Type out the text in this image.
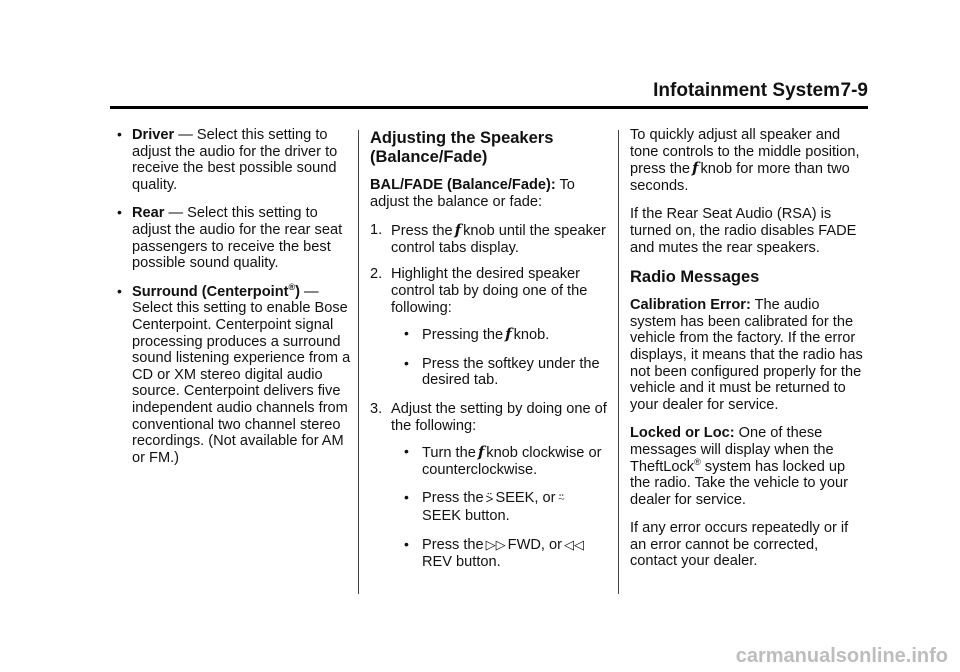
Infotainment System 7-9
• Driver — Select this setting to adjust the audio for the driver to receive the best possible sound quality.
• Rear — Select this setting to adjust the audio for the rear seat passengers to receive the best possible sound quality.
• Surround (Centerpoint®) — Select this setting to enable Bose Centerpoint. Centerpoint signal processing produces a surround sound listening experience from a CD or XM stereo digital audio source. Centerpoint delivers five independent audio channels from conventional two channel stereo recordings. (Not available for AM or FM.)
Adjusting the Speakers (Balance/Fade)

BAL/FADE (Balance/Fade): To adjust the balance or fade:

1. Press the f knob until the speaker control tabs display.
2. Highlight the desired speaker control tab by doing one of the following:
• Pressing the f knob.
• Press the softkey under the desired tab.
3. Adjust the setting by doing one of the following:
• Turn the f knob clockwise or counterclockwise.
• Press the ⍩ SEEK, or ⍨
SEEK button.
• Press the ▷▷ FWD, or ◁◁
REV button.

To quickly adjust all speaker and tone controls to the middle position, press the f knob for more than two seconds.

If the Rear Seat Audio (RSA) is turned on, the radio disables FADE and mutes the rear speakers.

Radio Messages

Calibration Error: The audio system has been calibrated for the vehicle from the factory. If the error displays, it means that the radio has not been configured properly for the vehicle and it must be returned to your dealer for service.

Locked or Loc: One of these messages will display when the TheftLock® system has locked up the radio. Take the vehicle to your dealer for service.

If any error occurs repeatedly or if an error cannot be corrected, contact your dealer.

carmanualsonline.info
